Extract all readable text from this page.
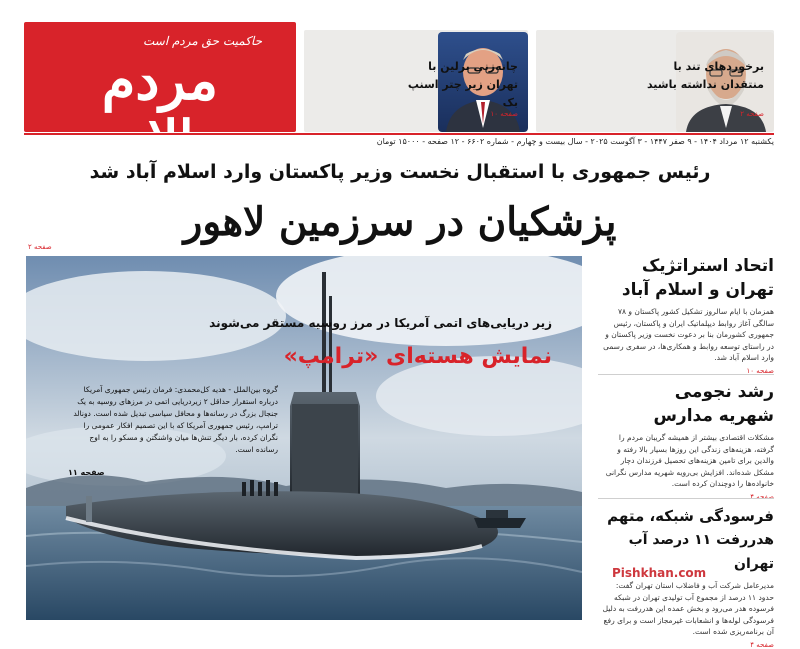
حاکمیت حق مردم است
مردم سالاری
چانه‌زنی برلین با تهران زیر چتر اسنپ بک
صفحه ۱۰
برخوردهای تند با منتقدان نداشته باشید
صفحه ۲
یکشنبه ۱۲ مرداد ۱۴۰۴ - ۹ صفر ۱۴۴۷ - ۳ آگوست ۲۰۲۵ - سال بیست و چهارم - شماره ۶۶۰۲ - ۱۲ صفحه - ۱۵۰۰۰ تومان
رئیس جمهوری با استقبال نخست وزیر پاکستان وارد اسلام آباد شد
پزشکیان در سرزمین لاهور
صفحه ۲
زیر دریایی‌های اتمی آمریکا در مرز روسیه مستقر می‌شوند
نمایش هسته‌ای «ترامپ»
گروه بین‌الملل - هدیه کل‌محمدی: فرمان رئیس جمهوری آمریکا درباره استقرار حداقل ۲ زیردریایی اتمی در مرزهای روسیه به یک جنجال بزرگ در رسانه‌ها و محافل سیاسی تبدیل شده است. دونالد ترامپ، رئیس جمهوری آمریکا که با این تصمیم افکار عمومی را نگران کرده، بار دیگر تنش‌ها میان واشنگتن و مسکو را به اوج رسانده است.
صفحه ۱۱
اتحاد استراتژیک
تهران و اسلام آباد
همزمان با ایام سالروز تشکیل کشور پاکستان و ۷۸ سالگی آغاز روابط دیپلماتیک ایران و پاکستان، رئیس جمهوری کشورمان بنا بر دعوت نخست وزیر پاکستان و در راستای توسعه روابط و همکاری‌ها، در سفری رسمی وارد اسلام آباد شد.
صفحه ۱۰
رشد نجومی
شهریه مدارس
مشکلات اقتصادی بیشتر از همیشه گریبان مردم را گرفته، هزینه‌های زندگی این روزها بسیار بالا رفته و والدین برای تامین هزینه‌های تحصیل فرزندان دچار مشکل شده‌اند. افزایش بی‌رویه شهریه مدارس نگرانی خانواده‌ها را دوچندان کرده است.
صفحه ۴
فرسودگی شبکه، متهم
هدررفت ۱۱ درصد آب تهران
مدیرعامل شرکت آب و فاضلاب استان تهران گفت: حدود ۱۱ درصد از مجموع آب تولیدی تهران در شبکه فرسوده هدر می‌رود و بخش عمده این هدررفت به دلیل فرسودگی لوله‌ها و انشعابات غیرمجاز است و برای رفع آن برنامه‌ریزی شده است.
صفحه ۴
Pishkhan.com
